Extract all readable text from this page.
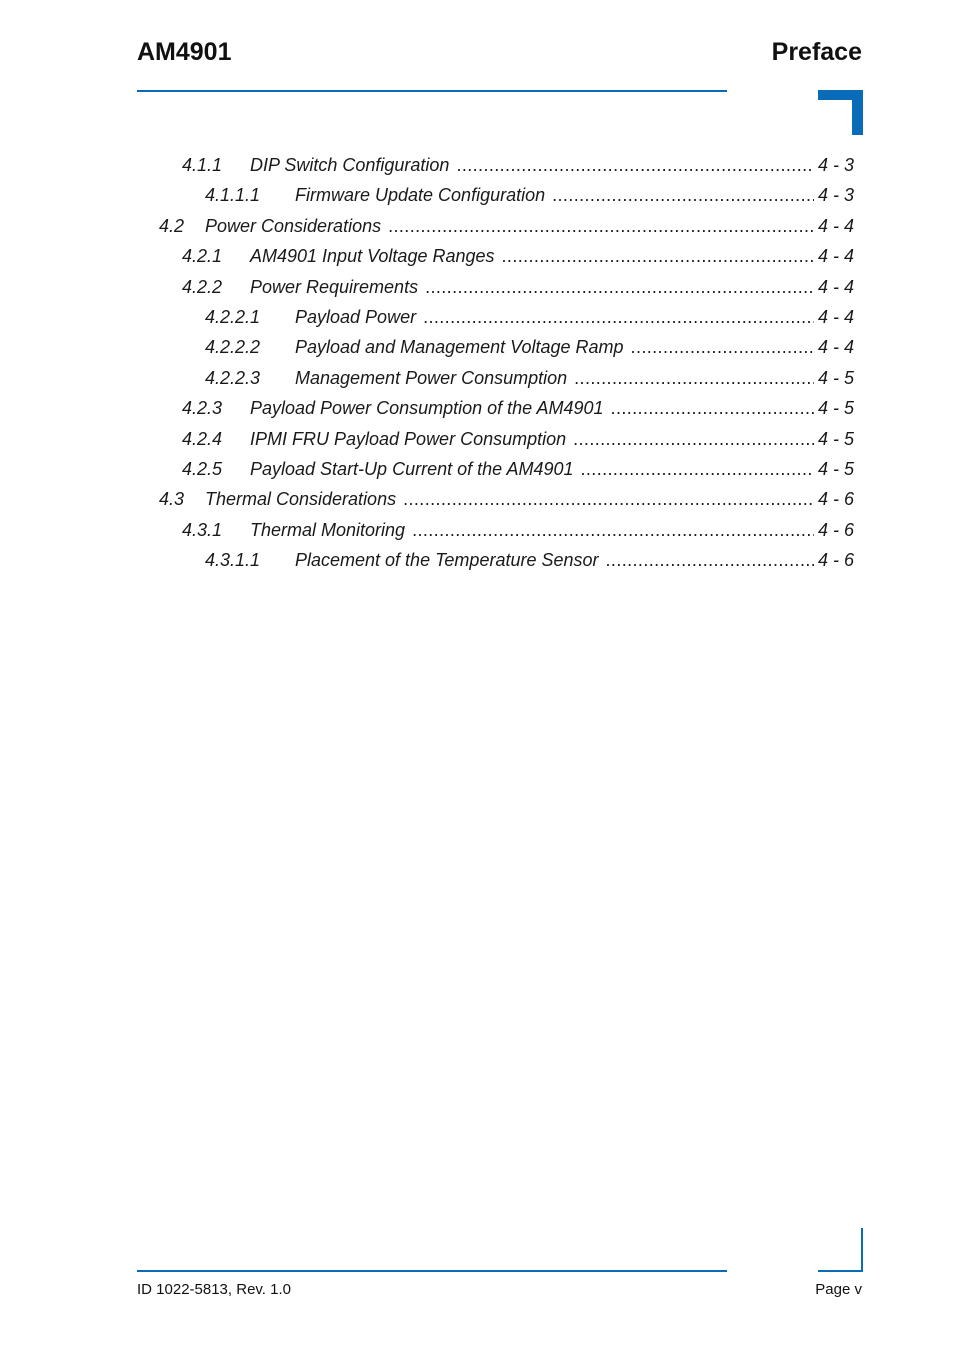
AM4901	Preface
4.1.1	DIP Switch Configuration .....	4 - 3
4.1.1.1	Firmware Update Configuration .....	4 - 3
4.2	Power Considerations .....	4 - 4
4.2.1	AM4901 Input Voltage Ranges .....	4 - 4
4.2.2	Power Requirements .....	4 - 4
4.2.2.1	Payload Power .....	4 - 4
4.2.2.2	Payload and Management Voltage Ramp .....	4 - 4
4.2.2.3	Management Power Consumption .....	4 - 5
4.2.3	Payload Power Consumption of the AM4901 .....	4 - 5
4.2.4	IPMI FRU Payload Power Consumption .....	4 - 5
4.2.5	Payload Start-Up Current of the AM4901 .....	4 - 5
4.3	Thermal Considerations .....	4 - 6
4.3.1	Thermal Monitoring .....	4 - 6
4.3.1.1	Placement of the Temperature Sensor .....	4 - 6
ID 1022-5813, Rev. 1.0	Page v
